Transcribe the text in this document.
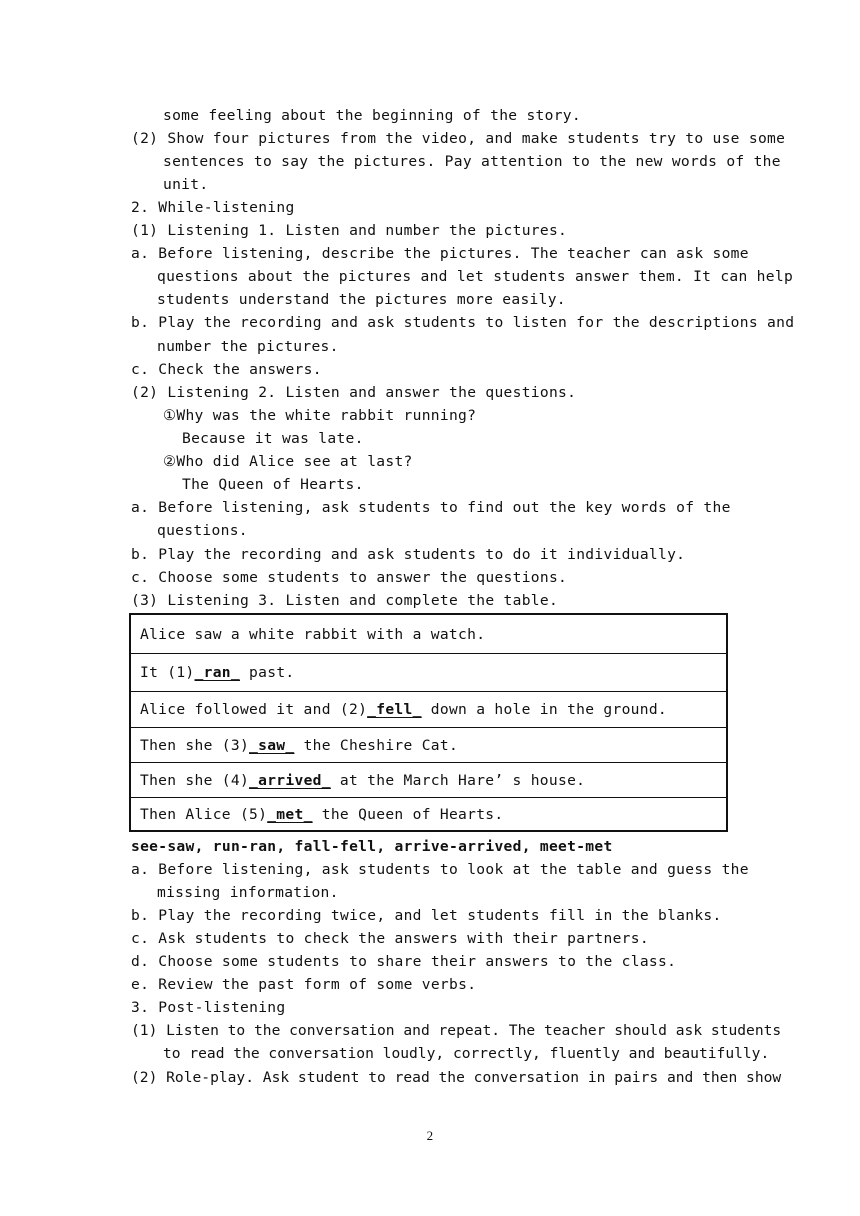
some feeling about the beginning of the story.
(2) Show four pictures from the video, and make students try to use some
sentences to say the pictures. Pay attention to the new words of the
unit.
2. While-listening
(1) Listening 1. Listen and number the pictures.
a. Before listening, describe the pictures. The teacher can ask some
questions about the pictures and let students answer them. It can help
students understand the pictures more easily.
b. Play the recording and ask students to listen for the descriptions and
number the pictures.
c. Check the answers.
(2) Listening 2. Listen and answer the questions.
①Why was the white rabbit running?
Because it was late.
②Who did Alice see at last?
The Queen of Hearts.
a. Before listening, ask students to find out the key words of the
questions.
b. Play the recording and ask students to do it individually.
c. Choose some students to answer the questions.
(3) Listening 3. Listen and complete the table.
Alice saw a white rabbit with a watch.
It (1) _ran_ past.
Alice followed it and (2) _fell_ down a hole in the ground.
Then she (3) _saw_ the Cheshire Cat.
Then she (4) _arrived_ at the March Hare’ s house.
Then Alice (5) _met_ the Queen of Hearts.
see-saw, run-ran, fall-fell, arrive-arrived, meet-met
a. Before listening, ask students to look at the table and guess the
missing information.
b. Play the recording twice, and let students fill in the blanks.
c. Ask students to check the answers with their partners.
d. Choose some students to share their answers to the class.
e. Review the past form of some verbs.
3. Post-listening
(1) Listen to the conversation and repeat. The teacher should ask students
to read the conversation loudly, correctly, fluently and beautifully.
(2) Role-play. Ask student to read the conversation in pairs and then show
2
